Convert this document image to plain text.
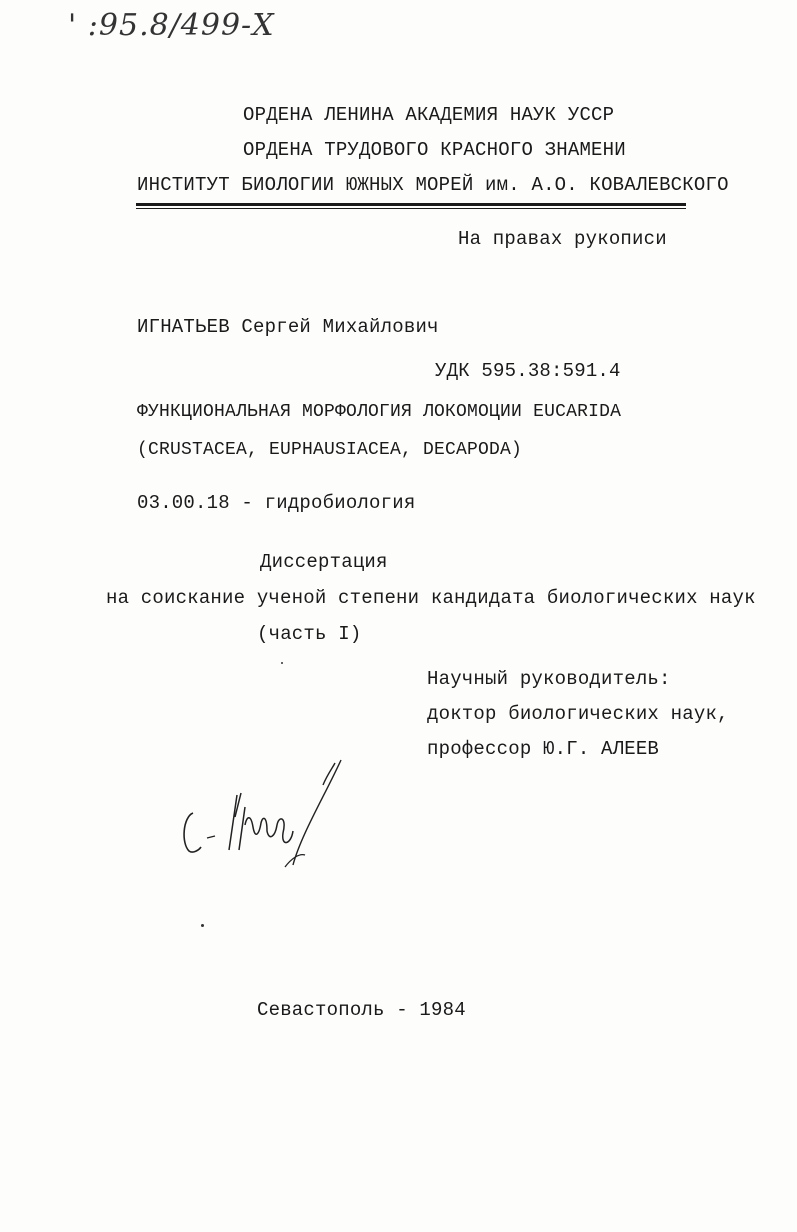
' :95.8/499-Х
ОРДЕНА ЛЕНИНА АКАДЕМИЯ НАУК УССР
ОРДЕНА ТРУДОВОГО КРАСНОГО ЗНАМЕНИ
ИНСТИТУТ БИОЛОГИИ ЮЖНЫХ МОРЕЙ им. А.О. КОВАЛЕВСКОГО
На правах рукописи
ИГНАТЬЕВ Сергей Михайлович
УДК 595.38:591.4
ФУНКЦИОНАЛЬНАЯ МОРФОЛОГИЯ ЛОКОМОЦИИ EUCARIDA
(CRUSTACEA, EUPHAUSIACEA, DECAPODA)
03.00.18 - гидробиология
Диссертация
на соискание ученой степени кандидата биологических наук
(часть I)
Научный руководитель:
доктор биологических наук,
профессор Ю.Г. АЛЕЕВ
Севастополь - 1984
